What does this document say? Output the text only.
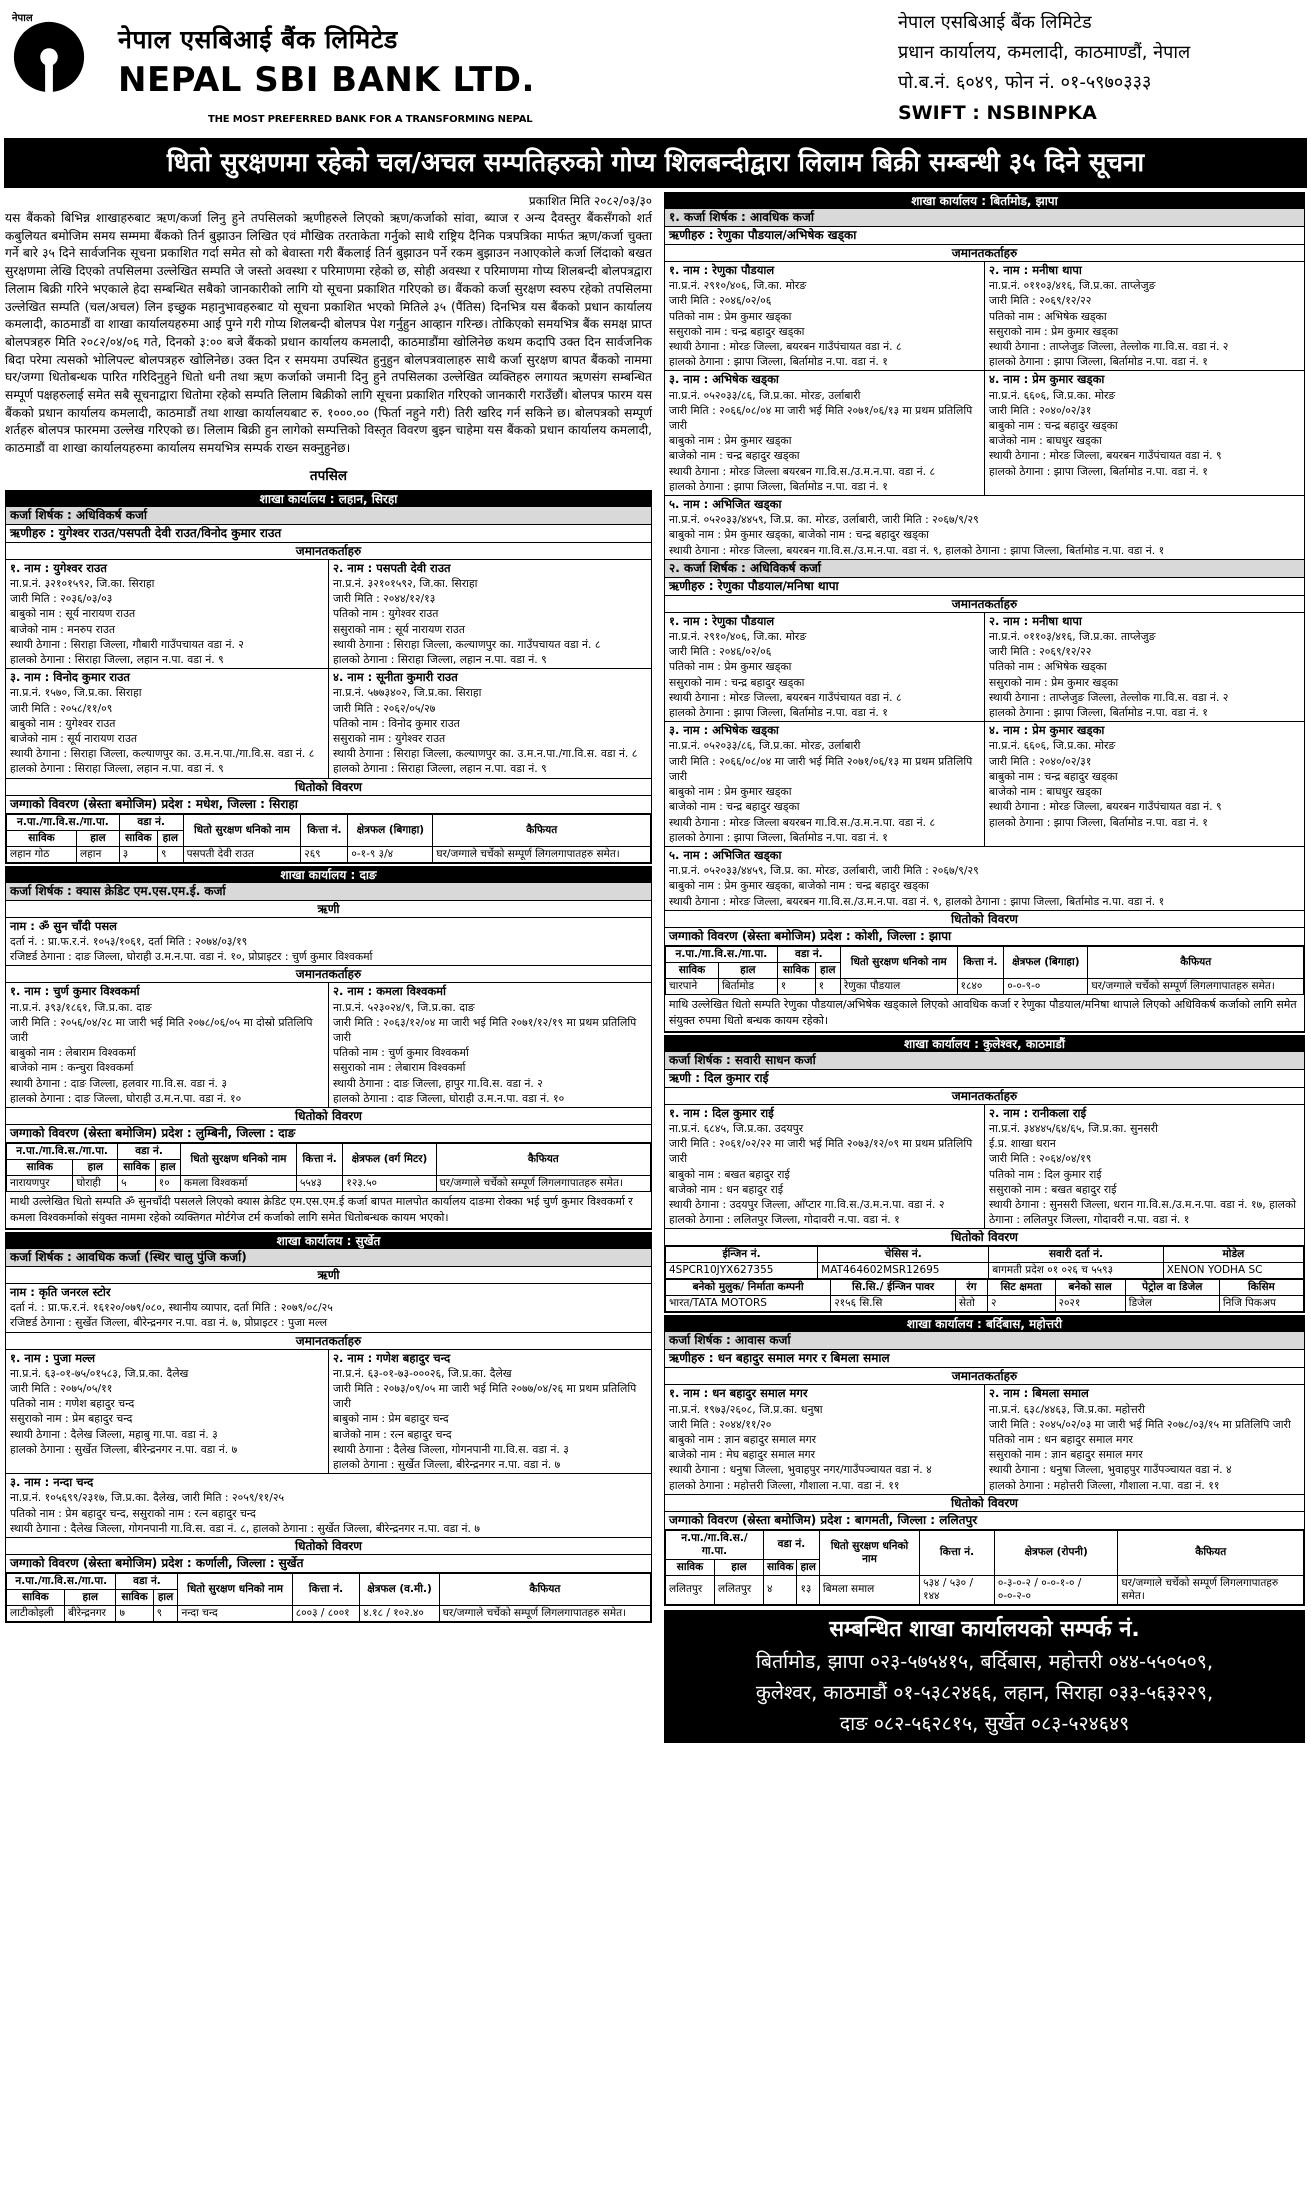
नेपाल
नेपाल एसबिआई बैंक लिमिटेड
NEPAL SBI BANK LTD.
THE MOST PREFERRED BANK FOR A TRANSFORMING NEPAL
नेपाल एसबिआई बैंक लिमिटेड
प्रधान कार्यालय, कमलादी, काठमाण्डौं, नेपाल
पो.ब.नं. ६०४९, फोन नं. ०१-५९७०३३३
SWIFT : NSBINPKA
धितो सुरक्षणमा रहेको चल/अचल सम्पतिहरुको गोप्य शिलबन्दीद्वारा लिलाम बिक्री सम्बन्धी ३५ दिने सूचना
प्रकाशित मिति २०८२/०३/३०
यस बैंकको बिभिन्न शाखाहरुबाट ऋण/कर्जा लिनु हुने तपसिलको ऋणीहरुले लिएको ऋण/कर्जाको सांवा, ब्याज र अन्य दैवस्तुर बैंकसँगको शर्त कबुलियत बमोजिम समय सम्ममा बैंकको तिर्न बुझाउन लिखित एवं मौखिक तरताकेता गर्नुको साथै राष्ट्रिय दैनिक पत्रपत्रिका मार्फत ऋण/कर्जा चुक्ता गर्ने बारे ३५ दिने सार्वजनिक सूचना प्रकाशित गर्दा समेत सो को बेवास्ता गरी बैंकलाई तिर्न बुझाउन पर्ने रकम बुझाउन नआएकोले कर्जा लिंदाको बखत सुरक्षणमा लेखि दिएको तपसिलमा उल्लेखित सम्पति जे जस्तो अवस्था र परिमाणमा रहेको छ, सोही अवस्था र परिमाणमा गोप्य शिलबन्दी बोलपत्रद्वारा लिलाम बिक्री गरिने भएकाले हेदा सम्बन्धित सबैको जानकारीको लागि यो सूचना प्रकाशित गरिएको छ। बैंकको कर्जा सुरक्षण स्वरुप रहेको तपसिलमा उल्लेखित सम्पति (चल/अचल) लिन इच्छुक महानुभावहरुबाट यो सूचना प्रकाशित भएको मितिले ३५ (पैंतिस) दिनभित्र यस बैंकको प्रधान कार्यालय कमलादी, काठमाडौं वा शाखा कार्यालयहरुमा आई पुग्ने गरी गोप्य शिलबन्दी बोलपत्र पेश गर्नुहुन आव्हान गरिन्छ। तोकिएको समयभित्र बैंक समक्ष प्राप्त बोलपत्रहरु मिति २०८२/०४/०६ गते, दिनको ३:०० बजे बैंकको प्रधान कार्यालय कमलादी, काठमाडौंमा खोलिनेछ कथम कदापि उक्त दिन सार्वजनिक बिदा परेमा त्यसको भोलिपल्ट बोलपत्रहरु खोलिनेछ। उक्त दिन र समयमा उपस्थित हुनुहुन बोलपत्रवालाहरु साथै कर्जा सुरक्षण बापत बैंकको नाममा घर/जग्गा धितोबन्धक पारित गरिदिनुहुने धितो धनी तथा ऋण कर्जाको जमानी दिनु हुने तपसिलका उल्लेखित व्यक्तिहरु लगायत ऋणसंग सम्बन्धित सम्पूर्ण पक्षहरुलाई समेत सबै सूचनाद्वारा धितोमा रहेको सम्पति लिलाम बिक्रीको लागि सूचना प्रकाशित गरिएको जानकारी गराउँछौं। बोलपत्र फारम यस बैंकको प्रधान कार्यालय कमलादी, काठमाडौं तथा शाखा कार्यालयबाट रु. १०००.०० (फिर्ता नहुने गरी) तिरी खरिद गर्न सकिने छ। बोलपत्रको सम्पूर्ण शर्तहरु बोलपत्र फारममा उल्लेख गरिएको छ। लिलाम बिक्री हुन लागेको सम्पत्तिको विस्तृत विवरण बुझ्न चाहेमा यस बैंकको प्रधान कार्यालय कमलादी, काठमाडौं वा शाखा कार्यालयहरुमा कार्यालय समयभित्र सम्पर्क राख्न सक्नुहुनेछ।
तपसिल
शाखा कार्यालय : लहान, सिरहा
कर्जा शिर्षक : अधिविकर्ष कर्जा
ऋणीहरु : युगेश्वर राउत/पसपती देवी राउत/विनोद कुमार राउत
जमानतकर्ताहरु
१. नाम : युगेश्वर राउत
ना.प्र.नं. ३२१०१५९२, जि.का. सिराहा
जारी मिति : २०३६/०३/०३
बाबुको नाम : सूर्य नारायण राउत
बाजेको नाम : मनरुप राउत
स्थायी ठेगाना : सिराहा जिल्ला, गौबारी गाउँपचायत वडा नं. २
हालको ठेगाना : सिराहा जिल्ला, लहान न.पा. वडा नं. ९
२. नाम : पसपती देवी राउत
ना.प्र.नं. ३२१०१५९२, जि.का. सिराहा
जारी मिति : २०४४/१२/१३
पतिको नाम : युगेश्वर राउत
ससुराको नाम : सूर्य नारायण राउत
स्थायी ठेगाना : सिराहा जिल्ला, कल्याणपुर का. गाउँपचायत वडा नं. ८
हालको ठेगाना : सिराहा जिल्ला, लहान न.पा. वडा नं. ९
३. नाम : विनोद कुमार राउत
ना.प्र.नं. १५७०, जि.प्र.का. सिराहा
जारी मिति : २०५८/११/०९
बाबुको नाम : युगेश्वर राउत
बाजेको नाम : सूर्य नारायण राउत
स्थायी ठेगाना : सिराहा जिल्ला, कल्याणपुर का. उ.म.न.पा./गा.वि.स. वडा नं. ८
हालको ठेगाना : सिराहा जिल्ला, लहान न.पा. वडा नं. ९
४. नाम : सूनीता कुमारी राउत
ना.प्र.नं. ५७७३४०२, जि.प्र.का. सिराहा
जारी मिति : २०६२/०५/२७
पतिको नाम : विनोद कुमार राउत
ससुराको नाम : युगेश्वर राउत
स्थायी ठेगाना : सिराहा जिल्ला, कल्याणपुर का. उ.म.न.पा./गा.वि.स. वडा नं. ८
हालको ठेगाना : सिराहा जिल्ला, लहान न.पा. वडा नं. ९
धितोको विवरण
जग्गाको विवरण (स्रेस्ता बमोजिम) प्रदेश : मधेश, जिल्ला : सिराहा
न.पा./गा.वि.स./गा.पा.		वडा नं.		धितो सुरक्षण धनिको नाम	कित्ता नं.	क्षेत्रफल (बिगाहा)	कैफियत
साविक	हाल	साविक	हाल				
लहान गोठ	लहान	३	९	पसपती देवी राउत	२६९	०-१-९ ३/४	घर/जग्गाले चर्चेको सम्पूर्ण लिगलगापातहरु समेत।
शाखा कार्यालय : दाङ
कर्जा शिर्षक : क्यास क्रेडिट एम.एस.एम.ई. कर्जा
ऋणी
नाम : ॐ सुन चाँदी पसल
दर्ता नं. : प्रा.फ.र.नं. १०५३/१०६१, दर्ता मिति : २०७४/०३/१९
रजिष्टर्ड ठेगाना : दाङ जिल्ला, घोराही उ.म.न.पा. वडा नं. १०, प्रोप्राइटर : चुर्ण कुमार विश्वकर्मा
जमानतकर्ताहरु
१. नाम : चुर्ण कुमार विश्वकर्मा
ना.प्र.नं. ३९३/१८६१, जि.प्र.का. दाङ
जारी मिति : २०५६/०४/२८ मा जारी भई मिति २०७८/०६/०५ मा दोस्रो प्रतिलिपि जारी
बाबुको नाम : लेबाराम विश्वकर्मा
बाजेको नाम : कन्चुरा विश्वकर्मा
स्थायी ठेगाना : दाङ जिल्ला, हलवार गा.वि.स. वडा नं. ३
हालको ठेगाना : दाङ जिल्ला, घोराही उ.म.न.पा. वडा नं. १०
२. नाम : कमला विश्वकर्मा
ना.प्र.नं. ५२३०२४/९, जि.प्र.का. दाङ
जारी मिति : २०६३/१२/०४ मा जारी भई मिति २०७१/१२/१९ मा प्रथम प्रतिलिपि जारी
पतिको नाम : चुर्ण कुमार विश्वकर्मा
ससुराको नाम : लेबाराम विश्वकर्मा
स्थायी ठेगाना : दाङ जिल्ला, हापुर गा.वि.स. वडा नं. २
हालको ठेगाना : दाङ जिल्ला, घोराही उ.म.न.पा. वडा नं. १०
धितोको विवरण
जग्गाको विवरण (स्रेस्ता बमोजिम) प्रदेश : लुम्बिनी, जिल्ला : दाङ
न.पा./गा.वि.स./गा.पा.		वडा नं.		धितो सुरक्षण धनिको नाम	कित्ता नं.	क्षेत्रफल (वर्ग मिटर)	कैफियत
साविक	हाल	साविक	हाल				
नारायणपुर	घोराही	५	१०	कमला विश्वकर्मा	५५४३	१२३.५०	घर/जग्गाले चर्चेको सम्पूर्ण लिगलगापातहरु समेत।
माथी उल्लेखित धितो सम्पति ॐ सुनचाँदी पसलले लिएको क्यास क्रेडिट एम.एस.एम.ई कर्जा बापत मालपोत कार्यालय दाङमा रोक्का भई चुर्ण कुमार विश्वकर्मा र कमला विश्वकर्माको संयुक्त नाममा रहेको व्यक्तिगत मोर्टगेज टर्म कर्जाको लागि समेत धितोबन्धक कायम भएको।
शाखा कार्यालय : सुर्खेत
कर्जा शिर्षक : आवधिक कर्जा (स्थिर चालु पुंजि कर्जा)
ऋणी
नाम : कृति जनरल स्टोर
दर्ता नं. : प्रा.फ.र.नं. १६१२०/०७९/०८०, स्थानीय व्यापार, दर्ता मिति : २०७९/०८/२५
रजिष्टर्ड ठेगाना : सुर्खेत जिल्ला, बीरेन्द्रनगर न.पा. वडा नं. ७, प्रोप्राइटर : पुजा मल्ल
जमानतकर्ताहरु
१. नाम : पुजा मल्ल
ना.प्र.नं. ६३-०१-७५/०१५८३, जि.प्र.का. दैलेख
जारी मिति : २०७५/०५/११
पतिको नाम : गणेश बहादुर चन्द
ससुराको नाम : प्रेम बहादुर चन्द
स्थायी ठेगाना : दैलेख जिल्ला, महाबु गा.पा. वडा नं. ३
हालको ठेगाना : सुर्खेत जिल्ला, बीरेन्द्रनगर न.पा. वडा नं. ७
२. नाम : गणेश बहादुर चन्द
ना.प्र.नं. ६३-०१-७३-०००२६, जि.प्र.का. दैलेख
जारी मिति : २०७३/०९/०५ मा जारी भई मिति २०७७/०४/२६ मा प्रथम प्रतिलिपि जारी
बाबुको नाम : प्रेम बहादुर चन्द
बाजेको नाम : रत्न बहादुर चन्द
स्थायी ठेगाना : दैलेख जिल्ला, गोगनपानी गा.वि.स. वडा नं. ३
हालको ठेगाना : सुर्खेत जिल्ला, बीरेन्द्रनगर न.पा. वडा नं. ७
३. नाम : नन्दा चन्द
ना.प्र.नं. १०५६९९/२३१७, जि.प्र.का. दैलेख, जारी मिति : २०५९/११/२५
पतिको नाम : प्रेम बहादुर चन्द, ससुराको नाम : रत्न बहादुर चन्द
स्थायी ठेगाना : दैलेख जिल्ला, गोगनपानी गा.वि.स. वडा नं. ८, हालको ठेगाना : सुर्खेत जिल्ला, बीरेन्द्रनगर न.पा. वडा नं. ७
धितोको विवरण
जग्गाको विवरण (स्रेस्ता बमोजिम) प्रदेश : कर्णाली, जिल्ला : सुर्खेत
न.पा./गा.वि.स./गा.पा.		वडा नं.		धितो सुरक्षण धनिको नाम	कित्ता नं.	क्षेत्रफल (व.मी.)	कैफियत
साविक	हाल	साविक	हाल				
लाटीकोइली	बीरेन्द्रनगर	७	९	नन्दा चन्द	८००३ / ८००१	४.१८ / १०२.४०	घर/जग्गाले चर्चेको सम्पूर्ण लिगलगापातहरु समेत।
शाखा कार्यालय : बिर्तामोड, झापा
१. कर्जा शिर्षक : आवधिक कर्जा
ऋणीहरु : रेणुका पौडयाल/अभिषेक खड्का
जमानतकर्ताहरु
१. नाम : रेणुका पौडयाल
ना.प्र.नं. २९१०/४०६, जि.का. मोरङ
जारी मिति : २०४६/०२/०६
पतिको नाम : प्रेम कुमार खड्का
ससुराको नाम : चन्द्र बहादुर खड्का
स्थायी ठेगाना : मोरङ जिल्ला, बयरबन गाउँपंचायत वडा नं. ८
हालको ठेगाना : झापा जिल्ला, बिर्तामोड न.पा. वडा नं. १
२. नाम : मनीषा थापा
ना.प्र.नं. ०११०३/४१६, जि.प्र.का. ताप्लेजुङ
जारी मिति : २०६९/१२/२२
पतिको नाम : अभिषेक खड्का
ससुराको नाम : प्रेम कुमार खड्का
स्थायी ठेगाना : ताप्लेजुङ जिल्ला, तेल्लोक गा.वि.स. वडा नं. २
हालको ठेगाना : झापा जिल्ला, बिर्तामोड न.पा. वडा नं. १
३. नाम : अभिषेक खड्का
ना.प्र.नं. ०५२०३३/८६, जि.प्र.का. मोरङ, उर्लाबारी
जारी मिति : २०६६/०८/०४ मा जारी भई मिति २०७१/०६/१३ मा प्रथम प्रतिलिपि जारी
बाबुको नाम : प्रेम कुमार खड्का
बाजेको नाम : चन्द्र बहादुर खड्का
स्थायी ठेगाना : मोरङ जिल्ला बयरबन गा.वि.स./उ.म.न.पा. वडा नं. ८
हालको ठेगाना : झापा जिल्ला, बिर्तामोड न.पा. वडा नं. १
४. नाम : प्रेम कुमार खड्का
ना.प्र.नं. ६६०६, जि.प्र.का. मोरङ
जारी मिति : २०४०/०२/३१
बाबुको नाम : चन्द्र बहादुर खड्का
बाजेको नाम : बाघधुर खड्का
स्थायी ठेगाना : मोरङ जिल्ला, बयरबन गाउँपंचायत वडा नं. ९
हालको ठेगाना : झापा जिल्ला, बिर्तामोड न.पा. वडा नं. १
५. नाम : अभिजित खड्का
ना.प्र.नं. ०५२०३३/४४५९, जि.प्र. का. मोरङ, उर्लाबारी, जारी मिति : २०६७/९/२९
बाबुको नाम : प्रेम कुमार खड्का, बाजेको नाम : चन्द्र बहादुर खड्का
स्थायी ठेगाना : मोरङ जिल्ला, बयरबन गा.वि.स./उ.म.न.पा. वडा नं. ९, हालको ठेगाना : झापा जिल्ला, बिर्तामोड न.पा. वडा नं. १
२. कर्जा शिर्षक : अधिविकर्ष कर्जा
ऋणीहरु : रेणुका पौडयाल/मनिषा थापा
जमानतकर्ताहरु
१. नाम : रेणुका पौडयाल
ना.प्र.नं. २९१०/४०६, जि.का. मोरङ
जारी मिति : २०४६/०२/०६
पतिको नाम : प्रेम कुमार खड्का
ससुराको नाम : चन्द्र बहादुर खड्का
स्थायी ठेगाना : मोरङ जिल्ला, बयरबन गाउँपंचायत वडा नं. ८
हालको ठेगाना : झापा जिल्ला, बिर्तामोड न.पा. वडा नं. १
२. नाम : मनीषा थापा
ना.प्र.नं. ०११०३/४१६, जि.प्र.का. ताप्लेजुङ
जारी मिति : २०६९/१२/२२
पतिको नाम : अभिषेक खड्का
ससुराको नाम : प्रेम कुमार खड्का
स्थायी ठेगाना : ताप्लेजुङ जिल्ला, तेल्लोक गा.वि.स. वडा नं. २
हालको ठेगाना : झापा जिल्ला, बिर्तामोड न.पा. वडा नं. १
३. नाम : अभिषेक खड्का
ना.प्र.नं. ०५२०३३/८६, जि.प्र.का. मोरङ, उर्लाबारी
जारी मिति : २०६६/०८/०४ मा जारी भई मिति २०७१/०६/१३ मा प्रथम प्रतिलिपि जारी
बाबुको नाम : प्रेम कुमार खड्का
बाजेको नाम : चन्द्र बहादुर खड्का
स्थायी ठेगाना : मोरङ जिल्ला बयरबन गा.वि.स./उ.म.न.पा. वडा नं. ८
हालको ठेगाना : झापा जिल्ला, बिर्तामोड न.पा. वडा नं. १
४. नाम : प्रेम कुमार खड्का
ना.प्र.नं. ६६०६, जि.प्र.का. मोरङ
जारी मिति : २०४०/०२/३१
बाबुको नाम : चन्द्र बहादुर खड्का
बाजेको नाम : बाघधुर खड्का
स्थायी ठेगाना : मोरङ जिल्ला, बयरबन गाउँपंचायत वडा नं. ९
हालको ठेगाना : झापा जिल्ला, बिर्तामोड न.पा. वडा नं. १
५. नाम : अभिजित खड्का
ना.प्र.नं. ०५२०३३/४४५९, जि.प्र. का. मोरङ, उर्लाबारी, जारी मिति : २०६७/९/२९
बाबुको नाम : प्रेम कुमार खड्का, बाजेको नाम : चन्द्र बहादुर खड्का
स्थायी ठेगाना : मोरङ जिल्ला, बयरबन गा.वि.स./उ.म.न.पा. वडा नं. ९, हालको ठेगाना : झापा जिल्ला, बिर्तामोड न.पा. वडा नं. १
धितोको विवरण
जग्गाको विवरण (स्रेस्ता बमोजिम) प्रदेश : कोशी, जिल्ला : झापा
न.पा./गा.वि.स./गा.पा.		वडा नं.		धितो सुरक्षण धनिको नाम	कित्ता नं.	क्षेत्रफल (बिगाहा)	कैफियत
साविक	हाल	साविक	हाल				
चारपाने	बिर्तामोड	१	१	रेणुका पौडयाल	१८४०	०-०-९-०	घर/जग्गाले चर्चेको सम्पूर्ण लिगलगापातहरु समेत।
माथि उल्लेखित धितो सम्पति रेणुका पौडयाल/अभिषेक खड्काले लिएको आवधिक कर्जा र रेणुका पौडयाल/मनिषा थापाले लिएको अधिविकर्ष कर्जाको लागि समेत संयुक्त रुपमा धितो बन्धक कायम रहेको।
शाखा कार्यालय : कुलेश्वर, काठमाडौं
कर्जा शिर्षक : सवारी साधन कर्जा
ऋणी : दिल कुमार राई
जमानतकर्ताहरु
१. नाम : दिल कुमार राई
ना.प्र.नं. ६८४५, जि.प्र.का. उदयपुर
जारी मिति : २०६१/०२/२२ मा जारी भई मिति २०७३/१२/०९ मा प्रथम प्रतिलिपि जारी
बाबुको नाम : बखत बहादुर राई
बाजेको नाम : धन बहादुर राई
स्थायी ठेगाना : उदयपुर जिल्ला, आँप्टार गा.वि.स./उ.म.न.पा. वडा नं. २
हालको ठेगाना : ललितपुर जिल्ला, गोदावरी न.पा. वडा नं. १
२. नाम : रानीकला राई
ना.प्र.नं. ३४४४५/६४/६५, जि.प्र.का. सुनसरी
ई.प्र. शाखा धरान
जारी मिति : २०६४/०४/१९
पतिको नाम : दिल कुमार राई
ससुराको नाम : बखत बहादुर राई
स्थायी ठेगाना : सुनसरी जिल्ला, धरान गा.वि.स./उ.म.न.पा. वडा नं. १७, हालको ठेगाना : ललितपुर जिल्ला, गोदावरी न.पा. वडा नं. १
धितोको विवरण
ईन्जिन नं.	चेसिस नं.	सवारी दर्ता नं.	मोडेल
4SPCR10JYX627355	MAT464602MSR12695	बागमती प्रदेश ०१ ०२६ च ५५९३	XENON YODHA SC
बनेको मुलुक/ निर्माता कम्पनी	सि.सि./ ईन्जिन पावर	रंग	सिट क्षमता	बनेको साल	पेट्रोल वा डिजेल	किसिम
भारत/TATA MOTORS	२१५६ सि.सि	सेतो	२	२०२१	डिजेल	निजि पिकअप
शाखा कार्यालय : बर्दिबास, महोत्तरी
कर्जा शिर्षक : आवास कर्जा
ऋणीहरु : धन बहादुर समाल मगर र बिमला समाल
जमानतकर्ताहरु
१. नाम : धन बहादुर समाल मगर
ना.प्र.नं. १९७३/२६०८, जि.प्र.का. धनुषा
जारी मिति : २०४४/११/२०
बाबुको नाम : ज्ञान बहादुर समाल मगर
बाजेको नाम : मेघ बहादुर समाल मगर
स्थायी ठेगाना : धनुषा जिल्ला, भुवाहपुर नगर/गाउँपञ्चायत वडा नं. ४
हालको ठेगाना : महोत्तरी जिल्ला, गौशाला न.पा. वडा नं. ११
२. नाम : बिमला समाल
ना.प्र.नं. ६३८/४४६३, जि.प्र.का. महोत्तरी
जारी मिति : २०४५/०२/०३ मा जारी भई मिति २०७८/०३/१५ मा प्रतिलिपि जारी
पतिको नाम : धन बहादुर समाल मगर
ससुराको नाम : ज्ञान बहादुर समाल मगर
स्थायी ठेगाना : धनुषा जिल्ला, भुवाहपुर गाउँपञ्चायत वडा नं. ४
हालको ठेगाना : महोत्तरी जिल्ला, गौशाला न.पा. वडा नं. ११
धितोको विवरण
जग्गाको विवरण (स्रेस्ता बमोजिम) प्रदेश : बागमती, जिल्ला : ललितपुर
न.पा./गा.वि.स./गा.पा.		वडा नं.		धितो सुरक्षण धनिको नाम	कित्ता नं.	क्षेत्रफल (रोपनी)	कैफियत
साविक	हाल	साविक	हाल				
ललितपुर	ललितपुर	४	१३	बिमला समाल	५३४ / ५३० / १४४	०-३-०-२ / ०-०-१-० / ०-०-२-०	घर/जग्गाले चर्चेको सम्पूर्ण लिगलगापातहरु समेत।
सम्बन्धित शाखा कार्यालयको सम्पर्क नं.
बिर्तामोड, झापा ०२३-५७५४१५, बर्दिबास, महोत्तरी ०४४-५५०५०९,
कुलेश्वर, काठमाडौं ०१-५३८२४६६, लहान, सिराहा ०३३-५६३२२९,
दाङ ०८२-५६२८१५, सुर्खेत ०८३-५२४६४९
